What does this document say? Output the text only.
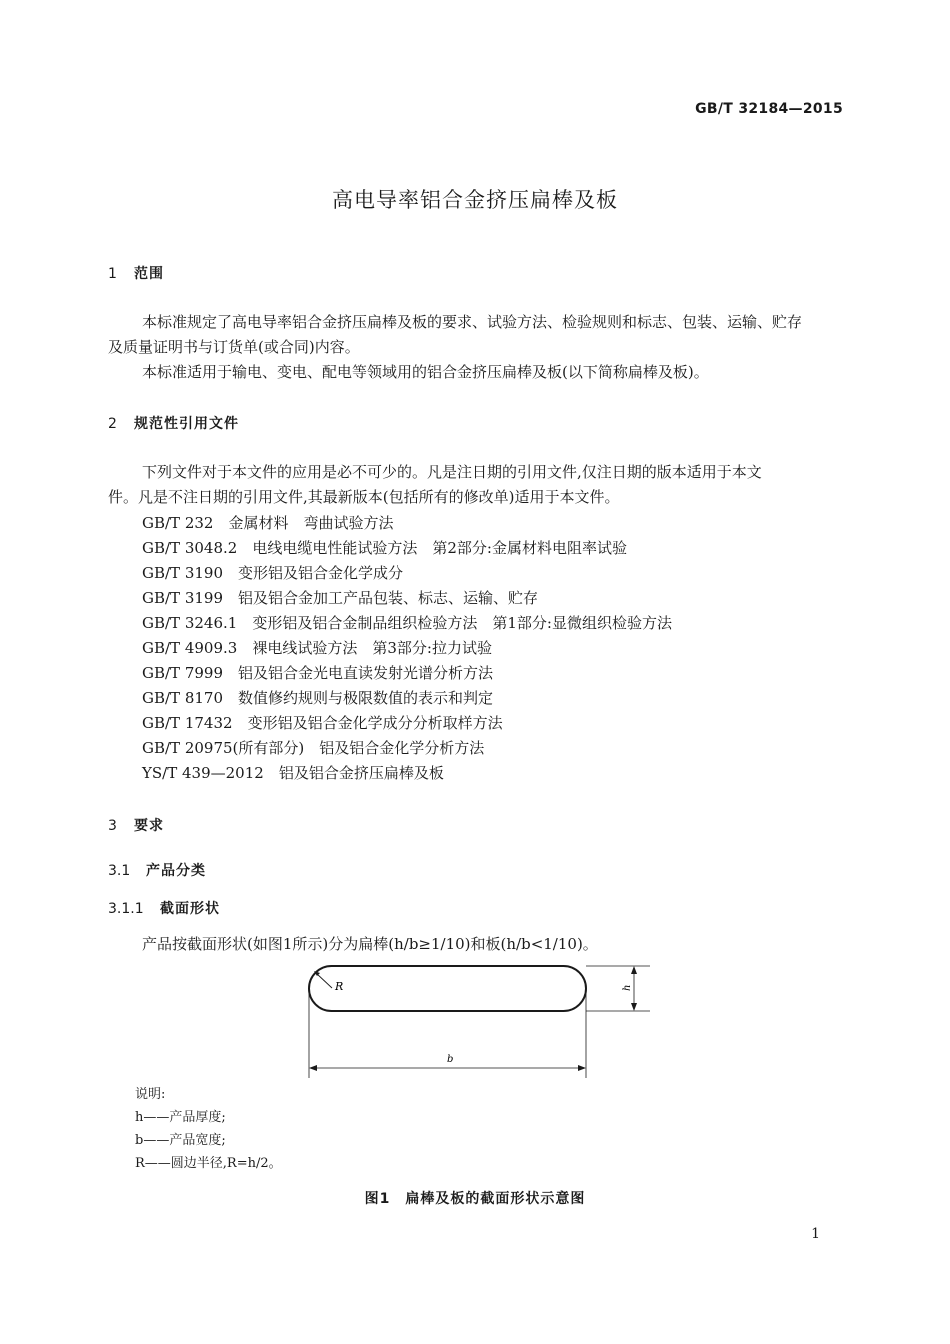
GB/T 32184—2015
高电导率铝合金挤压扁棒及板
1 范围
本标准规定了高电导率铝合金挤压扁棒及板的要求、试验方法、检验规则和标志、包装、运输、贮存
及质量证明书与订货单(或合同)内容。
本标准适用于输电、变电、配电等领域用的铝合金挤压扁棒及板(以下简称扁棒及板)。
2 规范性引用文件
下列文件对于本文件的应用是必不可少的。凡是注日期的引用文件,仅注日期的版本适用于本文
件。凡是不注日期的引用文件,其最新版本(包括所有的修改单)适用于本文件。
GB/T 232　 金属材料　弯曲试验方法
GB/T 3048.2　 电线电缆电性能试验方法　第2部分:金属材料电阻率试验
GB/T 3190　 变形铝及铝合金化学成分
GB/T 3199　 铝及铝合金加工产品包装、标志、运输、贮存
GB/T 3246.1　 变形铝及铝合金制品组织检验方法　第1部分:显微组织检验方法
GB/T 4909.3　 裸电线试验方法　第3部分:拉力试验
GB/T 7999　 铝及铝合金光电直读发射光谱分析方法
GB/T 8170　 数值修约规则与极限数值的表示和判定
GB/T 17432　 变形铝及铝合金化学成分分析取样方法
GB/T 20975(所有部分)　 铝及铝合金化学分析方法
YS/T 439—2012　 铝及铝合金挤压扁棒及板
3 要求
3.1 产品分类
3.1.1 截面形状
产品按截面形状(如图1所示)分为扁棒(h/b≥1/10)和板(h/b<1/10)。
R	h
b
说明:
h——产品厚度;
b——产品宽度;
R——圆边半径,R=h/2。
图1　扁棒及板的截面形状示意图
1
